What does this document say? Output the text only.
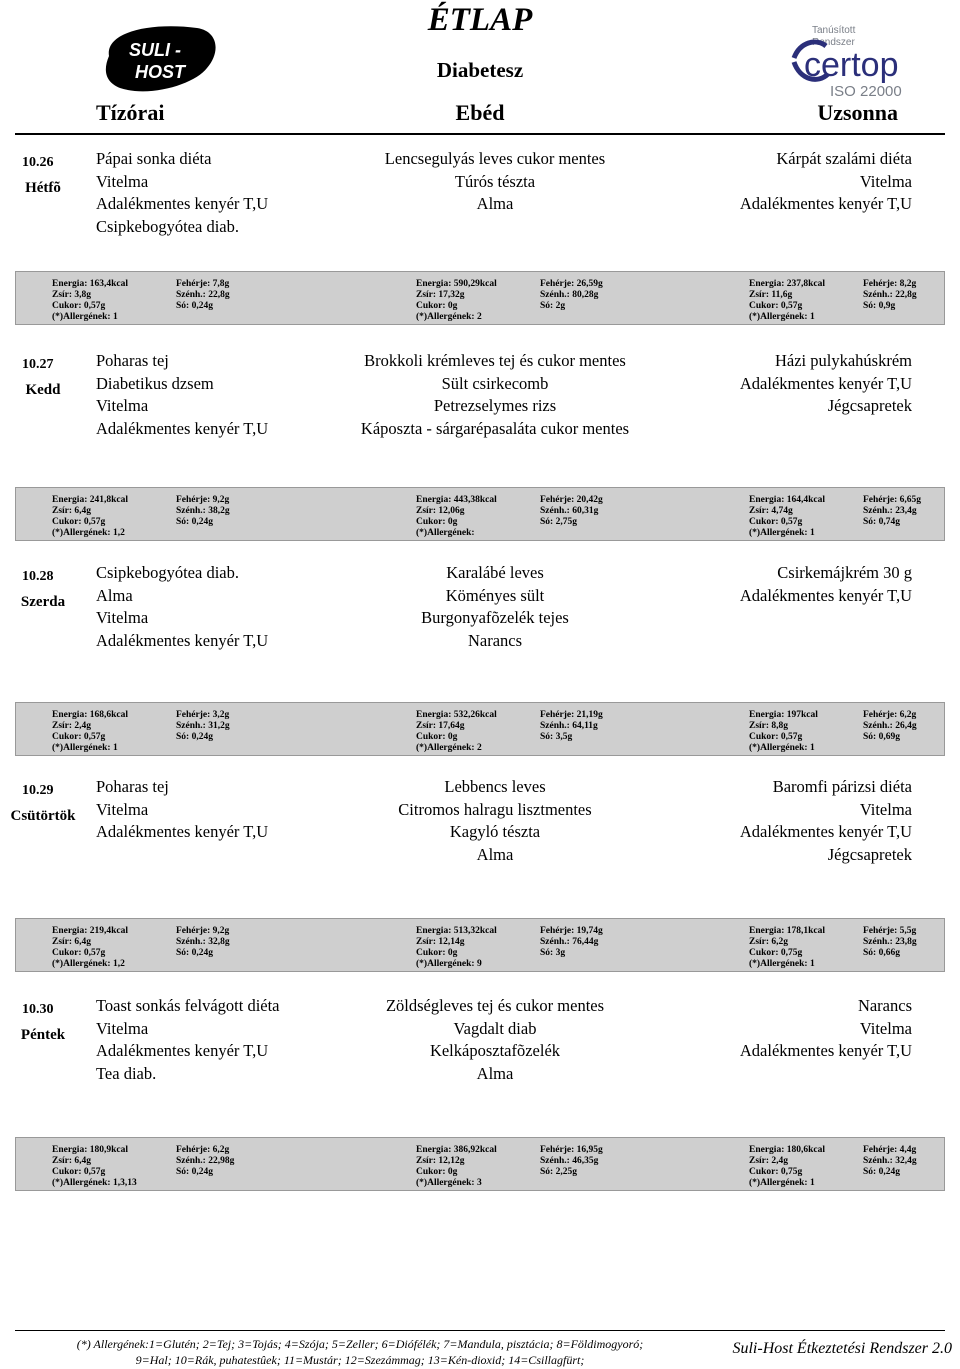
SULI -
HOST
Tanúsított
Rendszer
certop
ISO 22000
ÉTLAP
Diabetesz
Tízórai	Ebéd	Uzsonna
10.26
Hétfõ
Pápai sonka diéta
Vitelma
Adalékmentes kenyér T,U
Csipkebogyótea diab.
Lencsegulyás leves cukor mentes
Túrós tészta
Alma
Kárpát szalámi diéta
Vitelma
Adalékmentes kenyér T,U
Energia: 163,4kcal
Zsír: 3,8g
Cukor: 0,57g
(*)Allergének: 1
Fehérje: 7,8g
Szénh.: 22,8g
Só: 0,24g
Energia: 590,29kcal
Zsír: 17,32g
Cukor: 0g
(*)Allergének: 2
Fehérje: 26,59g
Szénh.: 80,28g
Só: 2g
Energia: 237,8kcal
Zsír: 11,6g
Cukor: 0,57g
(*)Allergének: 1
Fehérje: 8,2g
Szénh.: 22,8g
Só: 0,9g
10.27
Kedd
Poharas tej
Diabetikus dzsem
Vitelma
Adalékmentes kenyér T,U
Brokkoli krémleves tej és cukor mentes
Sült csirkecomb
Petrezselymes rizs
Káposzta - sárgarépasaláta cukor mentes
Házi pulykahúskrém
Adalékmentes kenyér T,U
Jégcsapretek
Energia: 241,8kcal
Zsír: 6,4g
Cukor: 0,57g
(*)Allergének: 1,2
Fehérje: 9,2g
Szénh.: 38,2g
Só: 0,24g
Energia: 443,38kcal
Zsír: 12,06g
Cukor: 0g
(*)Allergének:
Fehérje: 20,42g
Szénh.: 60,31g
Só: 2,75g
Energia: 164,4kcal
Zsír: 4,74g
Cukor: 0,57g
(*)Allergének: 1
Fehérje: 6,65g
Szénh.: 23,4g
Só: 0,74g
10.28
Szerda
Csipkebogyótea diab.
Alma
Vitelma
Adalékmentes kenyér T,U
Karalábé leves
Köményes sült
Burgonyafõzelék tejes
Narancs
Csirkemájkrém 30 g
Adalékmentes kenyér T,U
Energia: 168,6kcal
Zsír: 2,4g
Cukor: 0,57g
(*)Allergének: 1
Fehérje: 3,2g
Szénh.: 31,2g
Só: 0,24g
Energia: 532,26kcal
Zsír: 17,64g
Cukor: 0g
(*)Allergének: 2
Fehérje: 21,19g
Szénh.: 64,11g
Só: 3,5g
Energia: 197kcal
Zsír: 8,8g
Cukor: 0,57g
(*)Allergének: 1
Fehérje: 6,2g
Szénh.: 26,4g
Só: 0,69g
10.29
Csütörtök
Poharas tej
Vitelma
Adalékmentes kenyér T,U
Lebbencs leves
Citromos halragu lisztmentes
Kagyló tészta
Alma
Baromfi párizsi diéta
Vitelma
Adalékmentes kenyér T,U
Jégcsapretek
Energia: 219,4kcal
Zsír: 6,4g
Cukor: 0,57g
(*)Allergének: 1,2
Fehérje: 9,2g
Szénh.: 32,8g
Só: 0,24g
Energia: 513,32kcal
Zsír: 12,14g
Cukor: 0g
(*)Allergének: 9
Fehérje: 19,74g
Szénh.: 76,44g
Só: 3g
Energia: 178,1kcal
Zsír: 6,2g
Cukor: 0,75g
(*)Allergének: 1
Fehérje: 5,5g
Szénh.: 23,8g
Só: 0,66g
10.30
Péntek
Toast sonkás felvágott diéta
Vitelma
Adalékmentes kenyér T,U
Tea diab.
Zöldségleves tej és cukor mentes
Vagdalt diab
Kelkáposztafõzelék
Alma
Narancs
Vitelma
Adalékmentes kenyér T,U
Energia: 180,9kcal
Zsír: 6,4g
Cukor: 0,57g
(*)Allergének: 1,3,13
Fehérje: 6,2g
Szénh.: 22,98g
Só: 0,24g
Energia: 386,92kcal
Zsír: 12,12g
Cukor: 0g
(*)Allergének: 3
Fehérje: 16,95g
Szénh.: 46,35g
Só: 2,25g
Energia: 180,6kcal
Zsír: 2,4g
Cukor: 0,75g
(*)Allergének: 1
Fehérje: 4,4g
Szénh.: 32,4g
Só: 0,24g
(*) Allergének:1=Glutén; 2=Tej; 3=Tojás; 4=Szója; 5=Zeller; 6=Diófélék; 7=Mandula, pisztácia; 8=Földimogyoró;
9=Hal; 10=Rák, puhatestûek; 11=Mustár; 12=Szezámmag; 13=Kén-dioxid; 14=Csillagfürt;
Suli-Host Étkeztetési Rendszer 2.0
